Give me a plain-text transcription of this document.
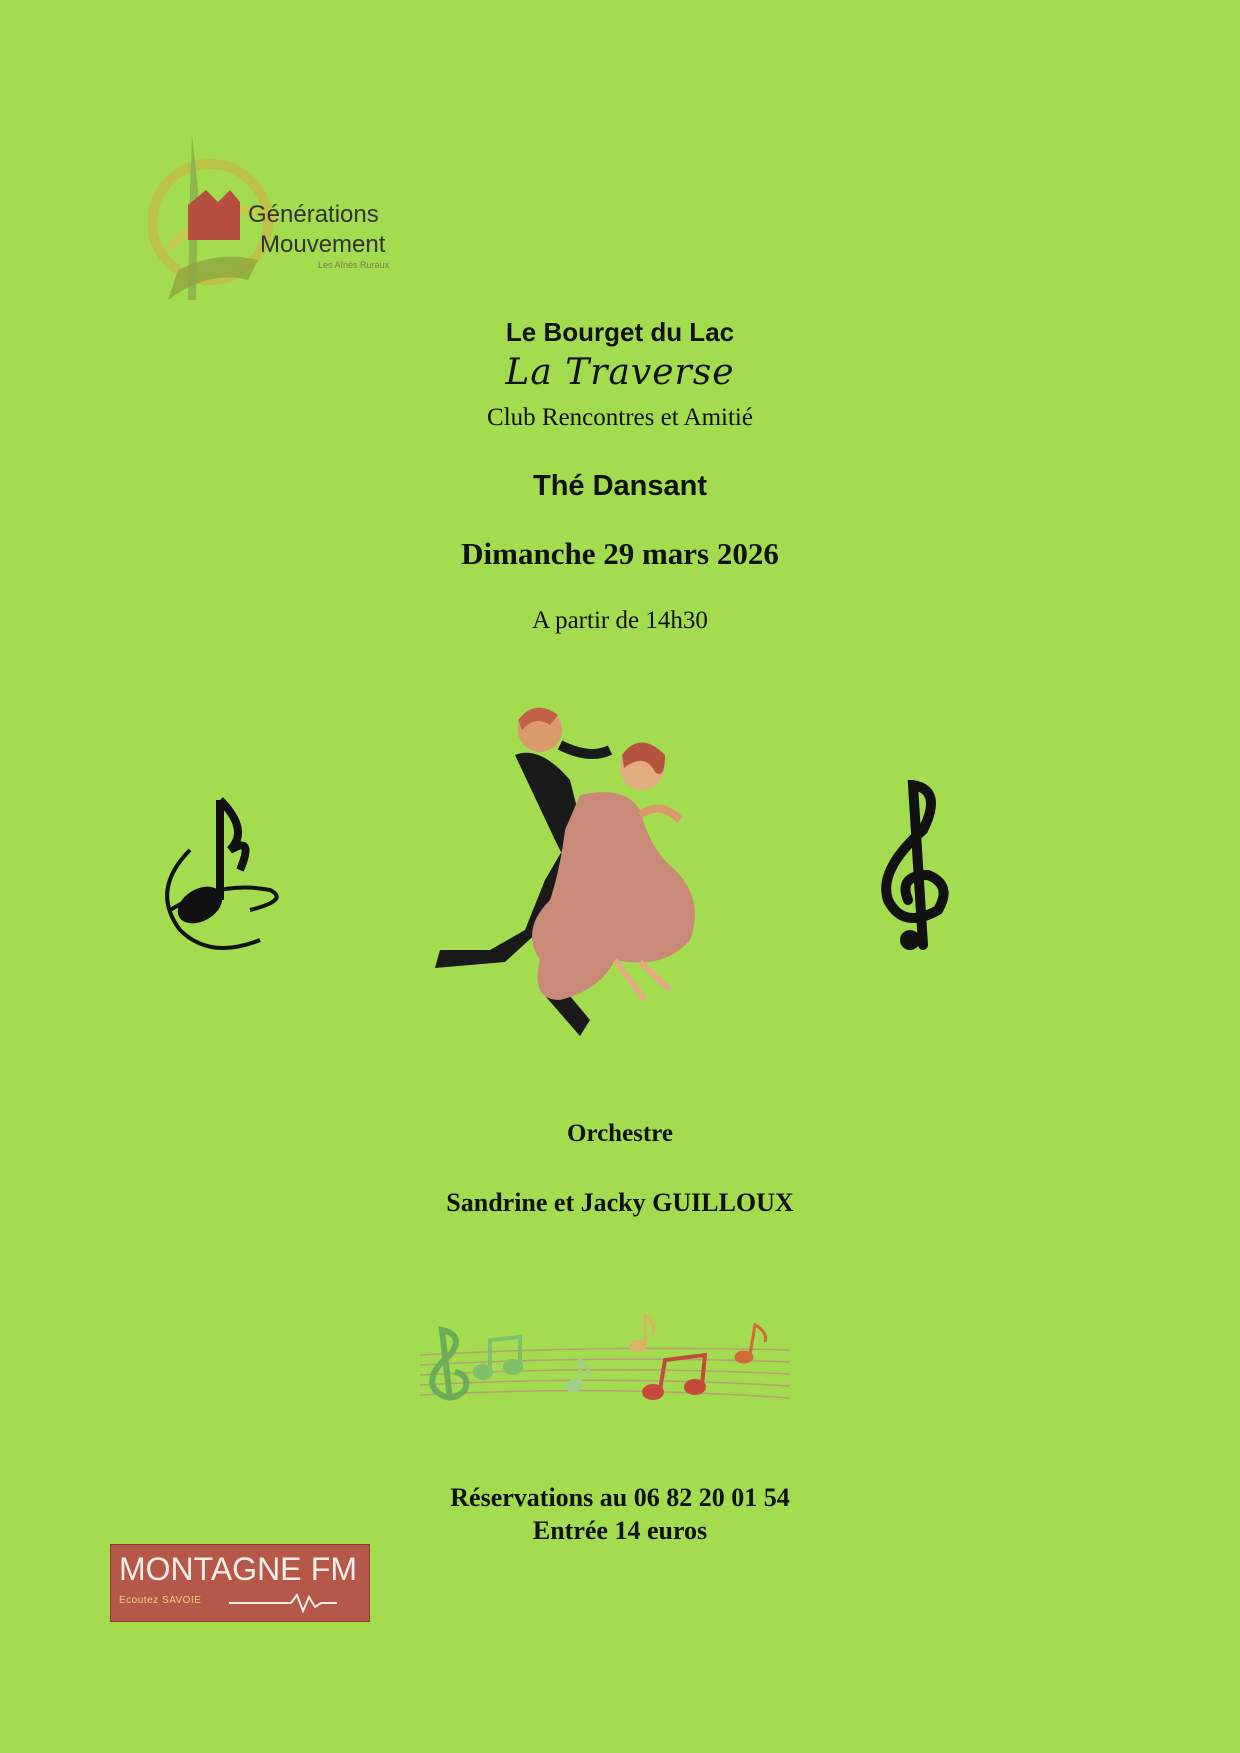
Générations
Mouvement
Les Aînés Ruraux
Le Bourget du Lac
La Traverse
Club Rencontres et Amitié
Thé Dansant
Dimanche 29 mars 2026
A partir de 14h30
Orchestre
Sandrine et Jacky GUILLOUX
Réservations au 06 82 20 01 54
Entrée 14 euros
MONTAGNE FM
Ecoutez SAVOIE
